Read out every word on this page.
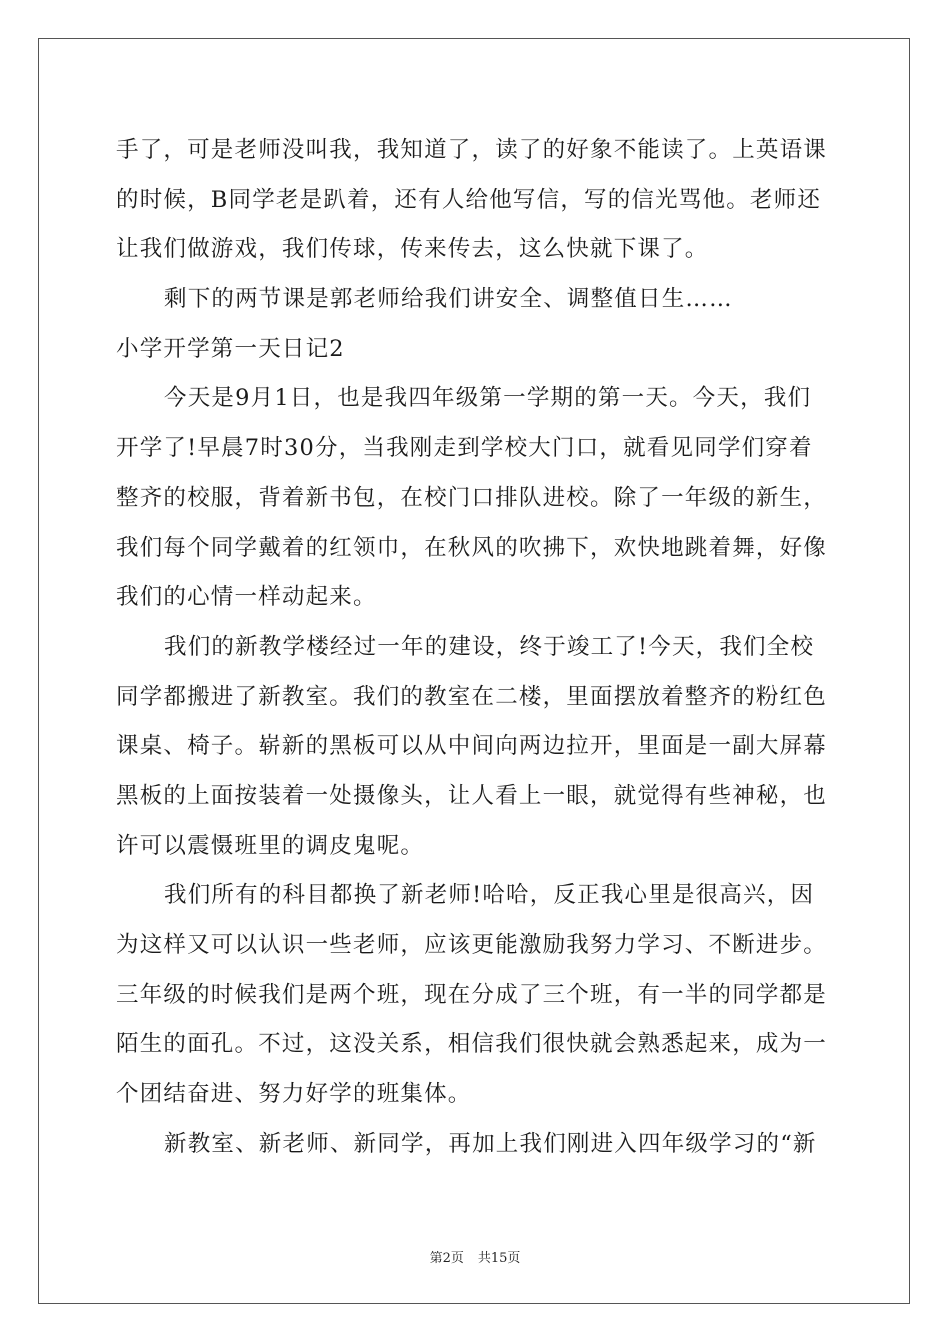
手了，可是老师没叫我，我知道了，读了的好象不能读了。上英语课
的时候，B同学老是趴着，还有人给他写信，写的信光骂他。老师还
让我们做游戏，我们传球，传来传去，这么快就下课了。
剩下的两节课是郭老师给我们讲安全、调整值日生……
小学开学第一天日记2
今天是9月1日，也是我四年级第一学期的第一天。今天，我们
开学了!早晨7时30分，当我刚走到学校大门口，就看见同学们穿着
整齐的校服，背着新书包，在校门口排队进校。除了一年级的新生，
我们每个同学戴着的红领巾，在秋风的吹拂下，欢快地跳着舞，好像
我们的心情一样动起来。
我们的新教学楼经过一年的建设，终于竣工了!今天，我们全校
同学都搬进了新教室。我们的教室在二楼，里面摆放着整齐的粉红色
课桌、椅子。崭新的黑板可以从中间向两边拉开，里面是一副大屏幕
黑板的上面按装着一处摄像头，让人看上一眼，就觉得有些神秘，也
许可以震慑班里的调皮鬼呢。
我们所有的科目都换了新老师!哈哈，反正我心里是很高兴，因
为这样又可以认识一些老师，应该更能激励我努力学习、不断进步。
三年级的时候我们是两个班，现在分成了三个班，有一半的同学都是
陌生的面孔。不过，这没关系，相信我们很快就会熟悉起来，成为一
个团结奋进、努力好学的班集体。
新教室、新老师、新同学，再加上我们刚进入四年级学习的“新
第2页 共15页
